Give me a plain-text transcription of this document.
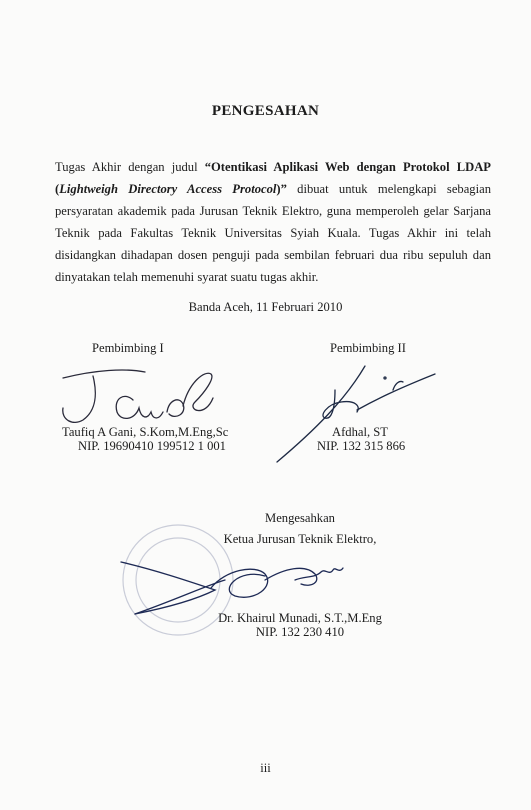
PENGESAHAN
Tugas Akhir dengan judul “Otentikasi Aplikasi Web dengan Protokol LDAP (Lightweigh Directory Access Protocol)” dibuat untuk melengkapi sebagian persyaratan akademik pada Jurusan Teknik Elektro, guna memperoleh gelar Sarjana Teknik pada Fakultas Teknik Universitas Syiah Kuala. Tugas Akhir ini telah disidangkan dihadapan dosen penguji pada sembilan februari dua ribu sepuluh dan dinyatakan telah memenuhi syarat suatu tugas akhir.
Banda Aceh, 11 Februari 2010
Pembimbing I
Taufiq A Gani, S.Kom,M.Eng,Sc
NIP. 19690410 199512 1 001
Pembimbing II
Afdhal, ST
NIP. 132 315 866
Mengesahkan
Ketua Jurusan Teknik Elektro,
Dr. Khairul Munadi, S.T.,M.Eng
NIP. 132 230 410
iii
